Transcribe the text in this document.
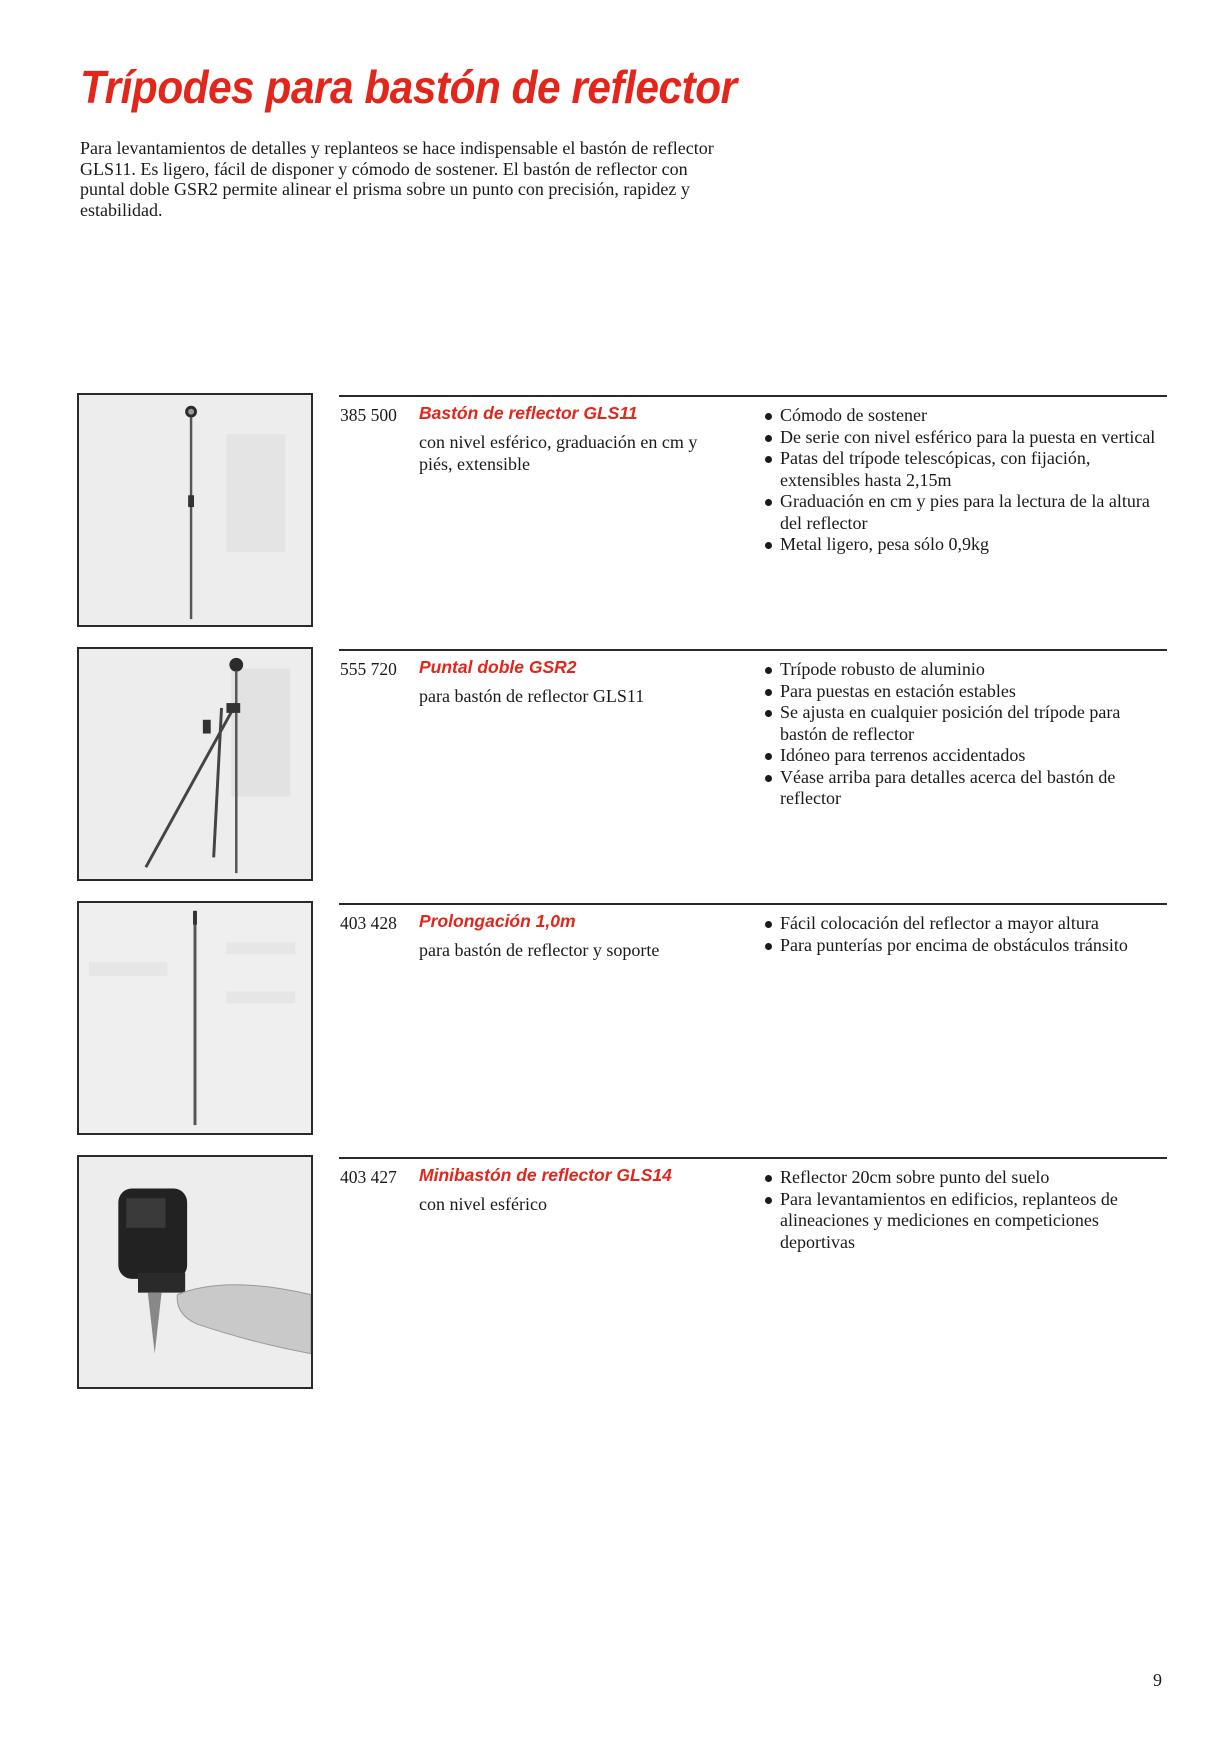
Trípodes para bastón de reflector

Para levantamientos de detalles y replanteos se hace indispensable el bastón de reflector GLS11. Es ligero, fácil de disponer y cómodo de sostener. El bastón de reflector con puntal doble GSR2 permite alinear el prisma sobre un punto con precisión, rapidez y estabilidad.

385 500 Bastón de reflector GLS11

con nivel esférico, graduación en cm y piés, extensible

Cómodo de sostener
De serie con nivel esférico para la puesta en vertical
Patas del trípode telescópicas, con fijación, extensibles hasta 2,15m
Graduación en cm y pies para la lectura de la altura del reflector
Metal ligero, pesa sólo 0,9kg
555 720 Puntal doble GSR2

para bastón de reflector GLS11

Trípode robusto de aluminio
Para puestas en estación estables
Se ajusta en cualquier posición del trípode para bastón de reflector
Idóneo para terrenos accidentados
Véase arriba para detalles acerca del bastón de reflector
403 428 Prolongación 1,0m

para bastón de reflector y soporte

Fácil colocación del reflector a mayor altura
Para punterías por encima de obstáculos tránsito
403 427 Minibastón de reflector GLS14

con nivel esférico

Reflector 20cm sobre punto del suelo
Para levantamientos en edificios, replanteos de alineaciones y mediciones en competiciones deportivas
9
